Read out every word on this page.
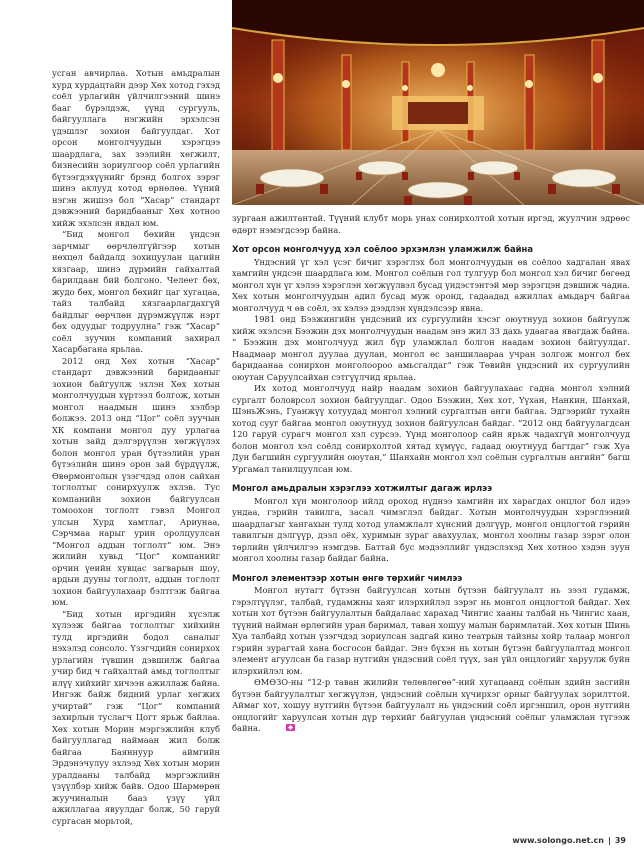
усган авчирлаа. Хотын амьдралын хурд хурдацтайн дээр Хөх хотод гэхэд соёл урлагийн үйлчилгээний шинэ бааг бүрэлдэж, үүнд сургууль, байгууллага нэгжийн эрхэлсэн үдэшлэг зохион байгуулдаг. Хот орсон монголчуудын хэрэгцээ шаардлага, зах зээлийн хөгжилт, бизнесийн зориулгоор соёл урлагийн бүтээгдэхүүнийг брэнд болгох зэрэг шинэ аклууд хотод өрнөлөө. Үүний нэгэн жишээ бол “Хасар” стандарт дэвжээний баридбааныг Хөх хотноо хийж эхэлсэн явдал юм.

“Бид монгол бөхийн үндсэн зарчмыг өөрчлөлгүйгээр хотын нөхцөл байдалд зохицуулан цагийн хязгаар, шинэ дүрмийн гайхалтай барилдаан бий болгоно. Челеет бөх, жудо бөх, монгол бөхийг цаг хугацаа, тайз талбайд хязгаарлагдахгүй байдлыг өөрчлөн дүрэмжүүлж нэрт бөх одуудыг тодруулна” гэж “Хасар” соёл зуучин компаний захирал Хасарбагана ярьлаа.

2012 онд Хөх хотын “Хасар” стандарт дэвжээний баридааныг зохион байгуулж эхлэн Хөх хотын монголчуудын хүртээл болгож, хотын монгол наадмын шинэ хэлбэр болжээ. 2013 онд “Цог” соёл зуучын ХК компани монгол дуу урлагаа хотын зайд дэлгэрүүлэн хөгжүүлэх болон монгол уран бүтээлийн уран бүтээлийн шинэ орон зай бүрдүүлж, Өвөрмонголын үзэгчдэд олон сайхан тоглолтыг сонирхуулж эхлэв. Тус компанийн зохион байгуулсан томоохон тоглолт гэвэл Монгол улсын Хурд хамтлаг, Ариунаа, Сэрчмаа нарыг урин оролцуулсан “Монгол аддын тоглолт” юм. Энэ жилийн хувьд “Цог” компанийг орчин үеийн хувцас загварын шоу, ардын дууны тоглолт, аддын тоглолт зохион байгуулахаар бэлтгэж байгаа юм.

“Бид хотын иргэдийн хүсэлж хүлээж байгаа тоглолтыг хийхийн тулд иргэдийн бодол саналыг нэхэлэд сонсоло. Үзэгчдийн сонирхох урлагийн түвшин дэвшилж байгаа учир бид ч гайхалтай амьд тоглолтыг илүү хийхийг хичээн ажиллаж байна. Ингэж байж бидний урлаг хөгжих учиртай” гэж “Цог” компаний захирлын туслагч Цогт ярьж байлаа. Хөх хотын Морин мэргэжлийн клуб байгууллагад наймаан жил болж байгаа Баяннуур аймгийн Эрдэнэчулуу эхлээд Хөх хотын морин уралдааны талбайд мэргэжлийн үзүүлбэр хийж байв. Одоо Шармөрөн жуучиналын бааз үзүү үйл ажиллагаа явуулдаг болж, 50 гаруй сургасан морьтой,

зургаан ажилтантай. Түүний клубт морь унах сонирхолтой хотын иргэд, жуулчин эдрөөс өдөрт нэмэгдсээр байна.

Хот орсон монголчууд хэл соёлоо эрхэмлэн уламжилж байна

Үндэсний үг хэл үсэг бичиг хэрэглэх бол монголчуудын өв соёлоо хадгалан явах хамгийн үндсэн шаардлага юм. Монгол соёлын гол тулгуур бол монгол хэл бичиг бөгөөд монгол хүн үг хэлээ хэрэглэн хөгжүүлвэл бусад үндэстэнтэй мөр зэрэгцэн дэвшиж чадна. Хөх хотын монголчуудын адил бусад муж оронд, гадаадад ажиллах амьдарч байгаа монголчууд ч өв соёл, эх хэлээ дээдлэн хүндэлсээр явна.

1981 онд Бээжингийн үндсэний их сургуулийн хэсэг оюутнууд зохион байгуулж хийж эхэлсэн Бээжин дэх монголчуудын наадам энэ жил 33 дахь удаагаа явагдаж байна. “ Бээжин дэх монголчууд жил бүр уламжлал болгон наадам зохион байгуулдаг. Наадмаар монгол дуулаа дуулан, монгол өс заншилаараа учран золгож монгол бөх баридаанаа сонирхон монголоороо амьсгалдаг” гэж Төвийн үндэсний их сургуулийн оюутан Саруулсайхан сэтгүүлчид ярьлаа.

Их хотод монголчууд найр наадам зохион байгуулахаас гадна монгол хэлний сургалт боловрсол зохион байгуулдаг. Одоо Бээжин, Хөх хот, Үүхан, Нанкин, Шанхай, ШэньЖэнь, Гуанжүү хотуудад монгол хэлний сургалтын анги байгаа. Эдгээрийг тухайн хотод сууг байгаа монгол оюутнууд зохион байгуулсан байдаг. “2012 онд байгуулагдсан 120 гаруй сурагч монгол хэл сурсээ. Үүнд монголоор сайн ярьж чадахгүй монголчууд болон монгол хэл соёлд сонирхолтой хятад хүмүүс, гадаад оюутнууд багтдаг” гэж Хуа Дун багшийн сургуулийн оюутан,” Шанхайн монгол хэл соёлын сургалтын ангийн” багш Ургамал танилцуулсан юм.

Монгол амьдралын хэрэглээ хотжилтыг дагаж ирлээ

Монгол хүн монголоор ийлд ороход нүднээ хамгийн их харагдах онцлог бол идээ ундаа, гэрийн тавилга, засал чимэглэл байдаг. Хотын монголчуудын хэрэглээний шаардлагыг хангахын тулд хотод уламжлалт хүнсний дэлгүүр, монгол онцлогтой гэрийн тавилгын дэлгүүр, дээл оёх, хуримын зураг авахуулах, монгол хоолны газар зэрэг олон төрлийн үйлчилгээ нэмгдэв. Баттай бус мэдээллийг үндэслэхэд Хөх хотноо хэдэн зуун монгол хоолны газар байдаг байна.

Монгол элементээр хотын өнгө төрхийг чимлээ

Монгол нутагт бүтээн байгуулсан хотын бүтээн байгуулалт нь зээл гудамж, гэрэлтүүлэг, талбай, гудамжны хаяг илэрхийлэл зэрэг нь монгол онцлогтой байдаг. Хөх хотын хот бүтээн байгуулалтын байдалаас харахад Чингис хааны талбай нь Чингис хаан, түүний найман өрлөгийн уран баримал, таван хошуу малын баримлатай. Хөх хотын Шинь Хуа талбайд хотын үзэгчдэд зориулсан задгай кино театрын тайзны хойр талаар монгол гэрийн зурагтай хана босгосон байдаг. Энэ бүхэн нь хотын бүтээн байгуулалтад монгол элемент агуулсан ба газар нутгийн үндэсний соёл түүх, зан үйл онцлогийг харуулж буйн илэрхийлэл юм.

ӨМӨЗО-ны “12-р таван жилийн төлөвлөгөө”-ний хугацаанд соёлын здийн засгийн бүтээн байгуулалтыг хөгжүүлэн, үндэсний соёлын хүчирхэг орныг байгуулах зорилттой. Аймаг хот, хошуу нутгийн бүтээн байгуулалт нь үндэсний соёл иргэншил, орон нутгийн онцлогийг харуулсан хотын дүр төрхийг байгуулан үндэсний соёлыг уламжлан түгээж байна.

www.solongo.net.cn | 39
